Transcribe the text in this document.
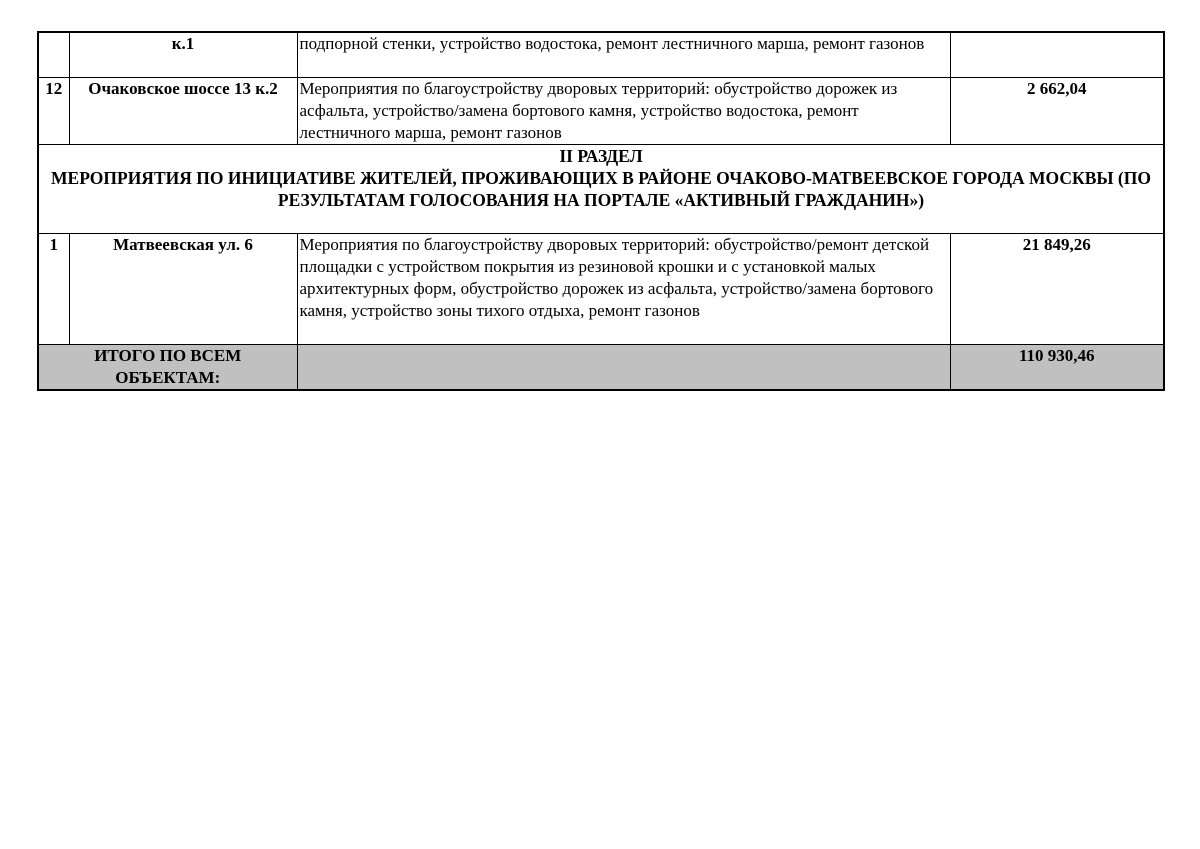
	к.1	подпорной стенки, устройство водостока, ремонт лестничного марша, ремонт газонов	
12	Очаковское шоссе 13 к.2	Мероприятия по благоустройству дворовых территорий: обустройство дорожек из асфальта, устройство/замена бортового камня, устройство водостока, ремонт лестничного марша, ремонт газонов	2 662,04

II РАЗДЕЛ
МЕРОПРИЯТИЯ ПО ИНИЦИАТИВЕ ЖИТЕЛЕЙ, ПРОЖИВАЮЩИХ В РАЙОНЕ ОЧАКОВО-МАТВЕЕВСКОЕ ГОРОДА МОСКВЫ (ПО РЕЗУЛЬТАТАМ ГОЛОСОВАНИЯ НА ПОРТАЛЕ «АКТИВНЫЙ ГРАЖДАНИН»)			

1	Матвеевская ул. 6	Мероприятия по благоустройству дворовых территорий: обустройство/ремонт детской площадки с устройством покрытия из резиновой крошки и с установкой малых архитектурных форм, обустройство дорожек из асфальта, устройство/замена бортового камня, устройство зоны тихого отдыха, ремонт газонов	21 849,26
ИТОГО ПО ВСЕМ ОБЪЕКТАМ:			110 930,46
